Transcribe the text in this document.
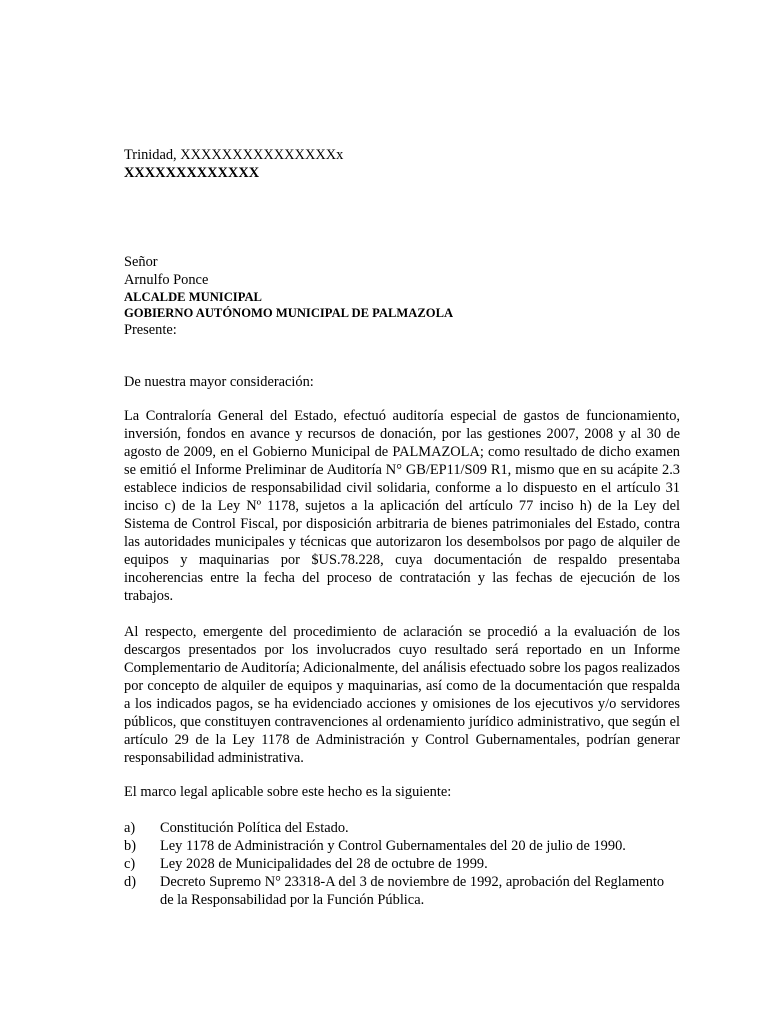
Trinidad, XXXXXXXXXXXXXXXx

XXXXXXXXXXXXX

Señor

Arnulfo Ponce

ALCALDE MUNICIPAL

GOBIERNO AUTÓNOMO MUNICIPAL DE PALMAZOLA

Presente:

De nuestra mayor consideración:

La Contraloría General del Estado, efectuó auditoría especial de gastos de funcionamiento, inversión, fondos en avance y recursos de donación, por las gestiones 2007, 2008 y al 30 de agosto de 2009, en el Gobierno Municipal de PALMAZOLA; como resultado de dicho examen se emitió el Informe Preliminar de Auditoría N° GB/EP11/S09 R1, mismo que en su acápite 2.3 establece indicios de responsabilidad civil solidaria, conforme a lo dispuesto en el artículo 31 inciso c) de la Ley Nº 1178, sujetos a la aplicación del artículo 77 inciso h) de la Ley del Sistema de Control Fiscal, por disposición arbitraria de bienes patrimoniales del Estado, contra las autoridades municipales y técnicas que autorizaron los desembolsos por pago de alquiler de equipos y maquinarias por $US.78.228, cuya documentación de respaldo presentaba incoherencias entre la fecha del proceso de contratación y las fechas de ejecución de los trabajos.

Al respecto, emergente del procedimiento de aclaración se procedió a la evaluación de los descargos presentados por los involucrados cuyo resultado será reportado en un Informe Complementario de Auditoría; Adicionalmente, del análisis efectuado sobre los pagos realizados por concepto de alquiler de equipos y maquinarias, así como de la documentación que respalda a los indicados pagos, se ha evidenciado acciones y omisiones de los ejecutivos y/o servidores públicos, que constituyen contravenciones al ordenamiento jurídico administrativo, que según el artículo 29 de la Ley 1178 de Administración y Control Gubernamentales, podrían generar responsabilidad administrativa.

El marco legal aplicable sobre este hecho es la siguiente:

a)	Constitución Política del Estado.
b)	Ley 1178 de Administración y Control Gubernamentales del 20 de julio de 1990.
c)	Ley 2028 de Municipalidades del 28 de octubre de 1999.
d)	Decreto Supremo N° 23318-A del 3 de noviembre de 1992, aprobación del Reglamento de la Responsabilidad por la Función Pública.
